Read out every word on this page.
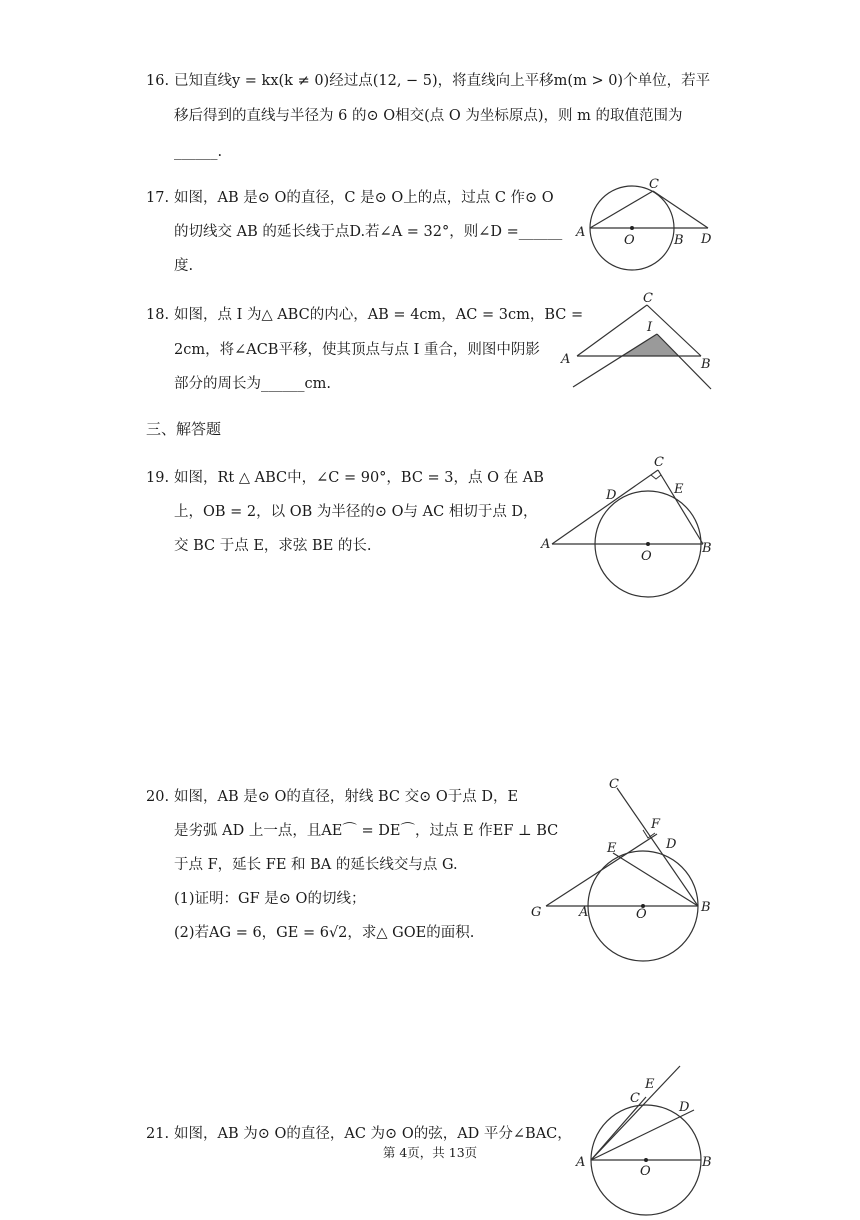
16. 已知直线y = kx(k ≠ 0)经过点(12, − 5)，将直线向上平移m(m > 0)个单位，若平
移后得到的直线与半径为 6 的⊙ O相交(点 O 为坐标原点)，则 m 的取值范围为
______.
17. 如图，AB 是⊙ O的直径，C 是⊙ O上的点，过点 C 作⊙ O
的切线交 AB 的延长线于点D.若∠A = 32°，则∠D =______
度.
C
A
O	B D
18. 如图，点 I 为△ ABC的内心，AB = 4cm，AC = 3cm，BC =
2cm，将∠ACB平移，使其顶点与点 I 重合，则图中阴影
部分的周长为______cm.
C
I
A	B
三、解答题
19. 如图，Rt △ ABC中，∠C = 90°，BC = 3，点 O 在 AB
上，OB = 2，以 OB 为半径的⊙ O与 AC 相切于点 D，
交 BC 于点 E，求弦 BE 的长.
C
D	E
A
O
B
20. 如图，AB 是⊙ O的直径，射线 BC 交⊙ O于点 D，E
是劣弧 AD 上一点，且AE⌒ = DE⌒，过点 E 作EF ⊥ BC
于点 F，延长 FE 和 BA 的延长线交与点 G.
(1)证明：GF 是⊙ O的切线；
(2)若AG = 6，GE = 6√2，求△ GOE的面积.
C
F
D
E
G	A	O	B
21. 如图，AB 为⊙ O的直径，AC 为⊙ O的弦，AD 平分∠BAC，
E
C
D
A
O
B
第 4页，共 13页
